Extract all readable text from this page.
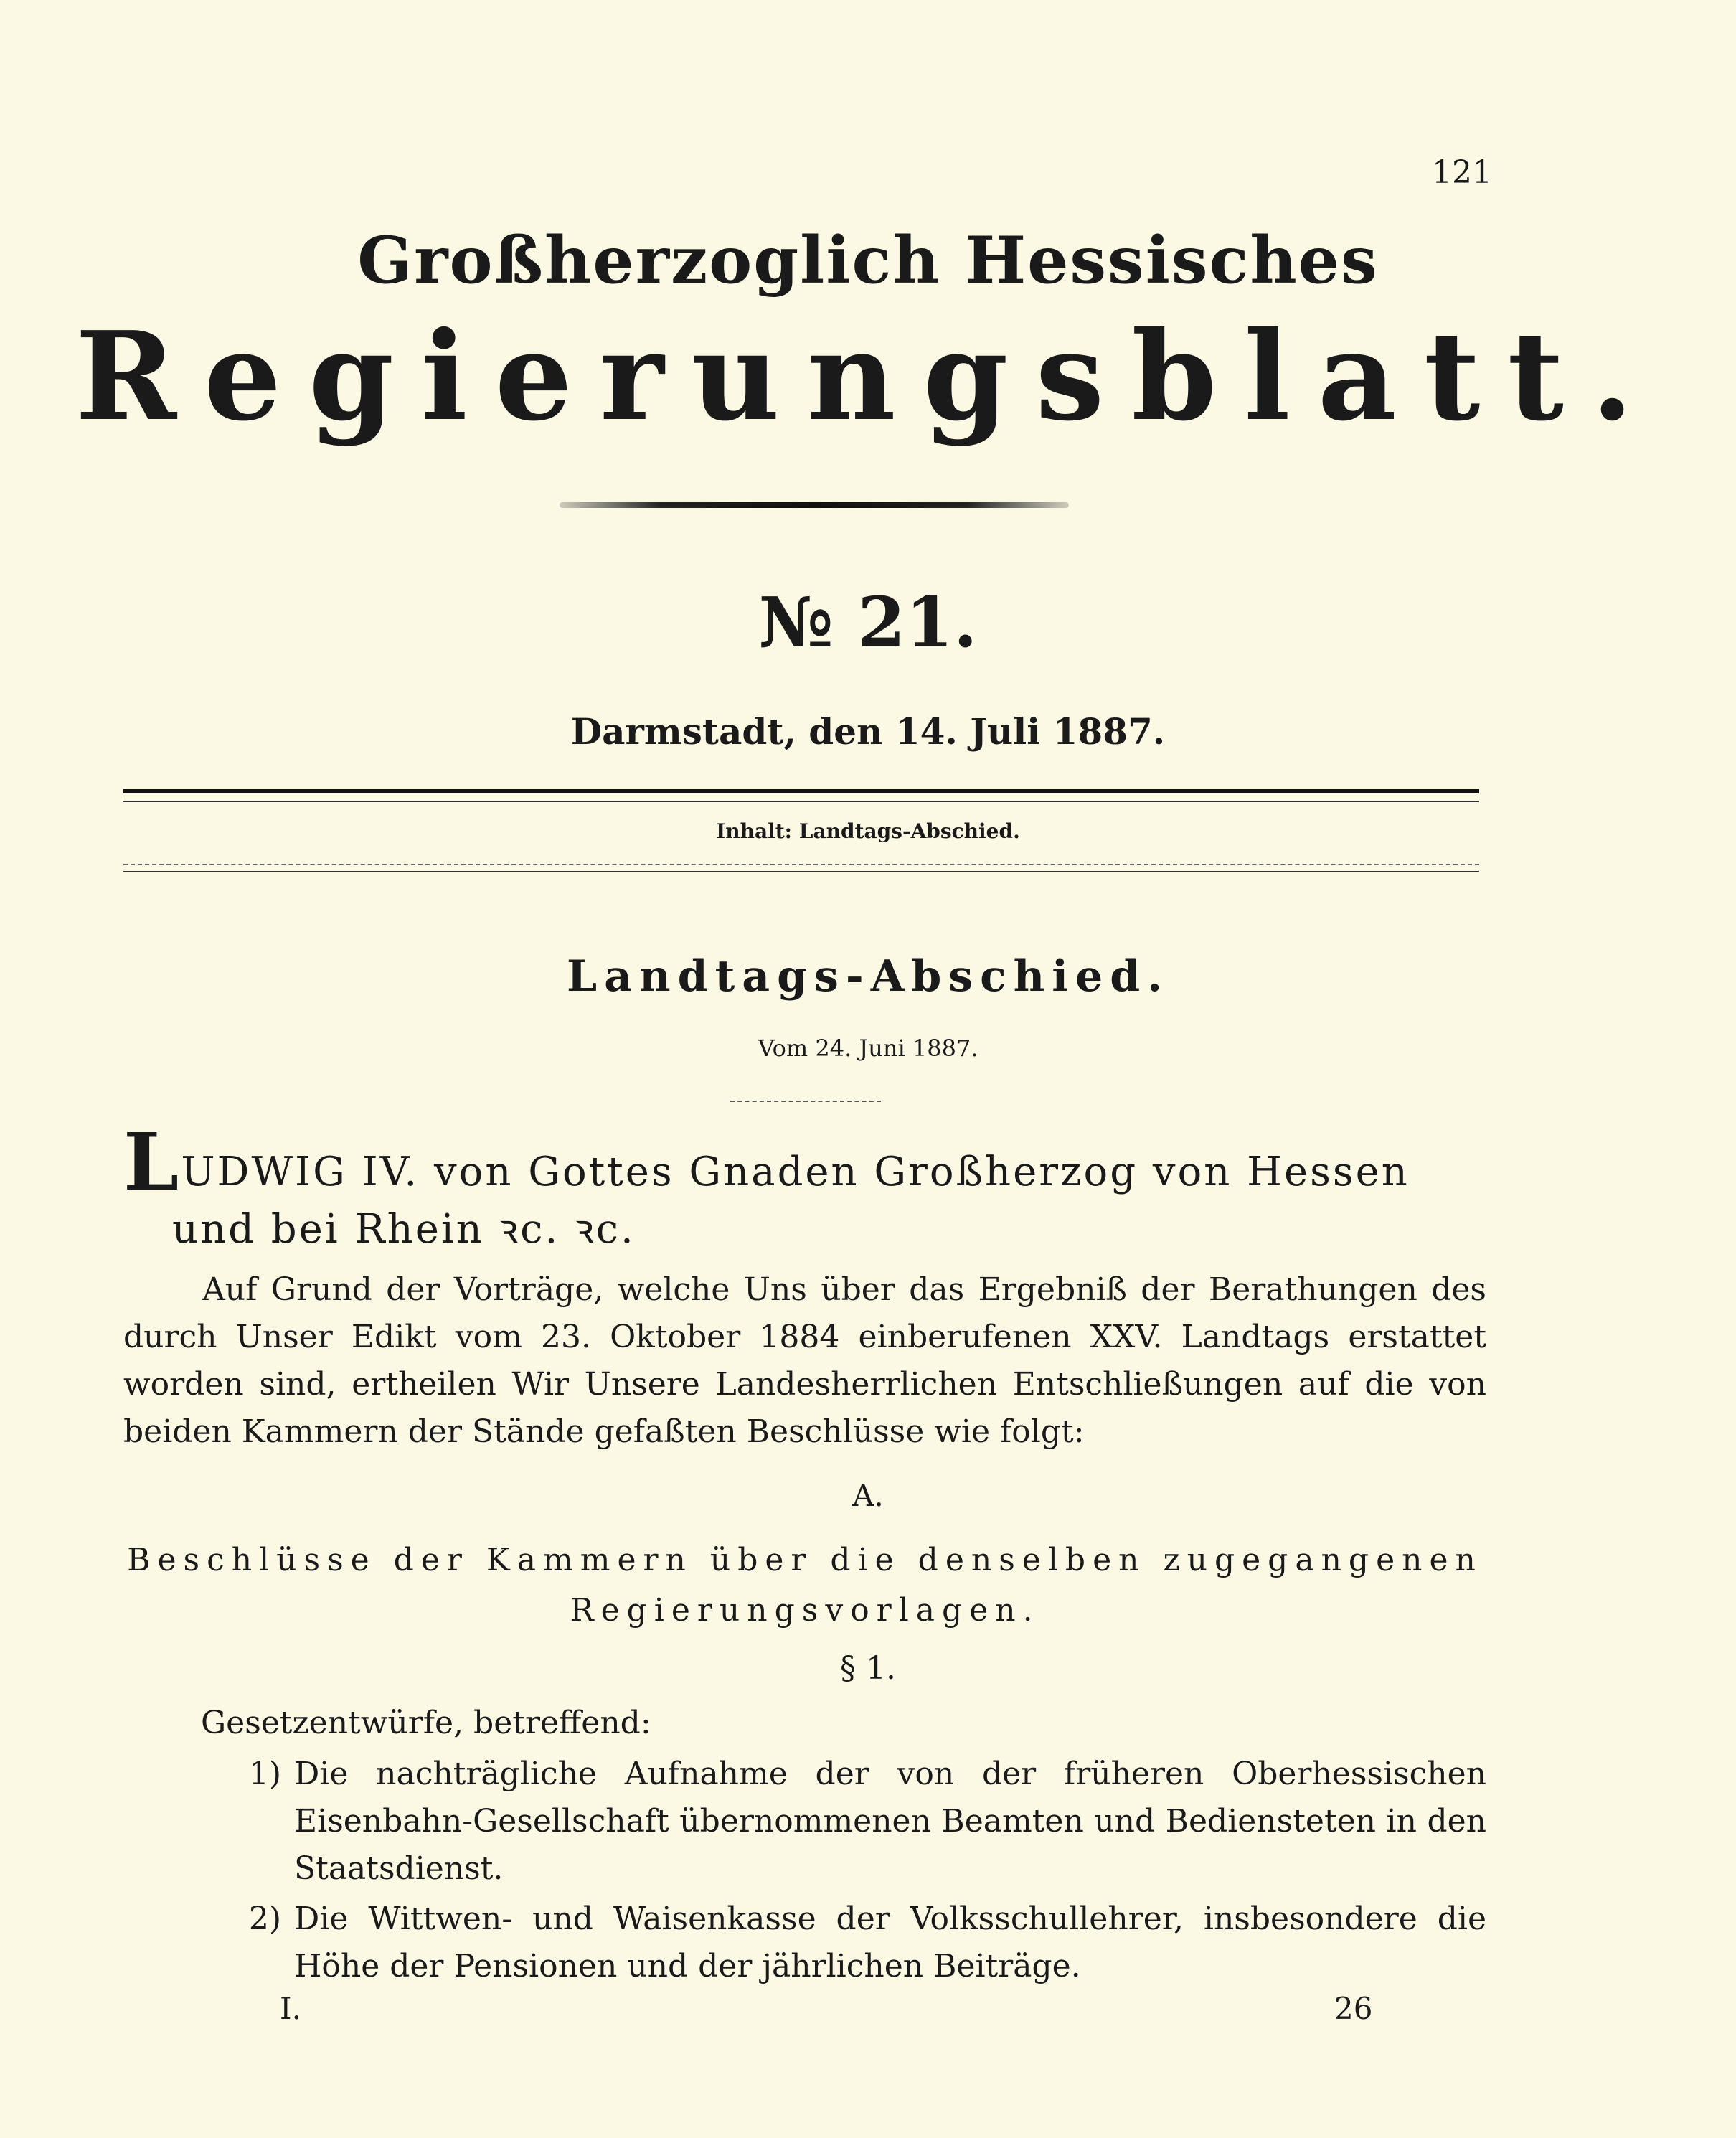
121
Großherzoglich Hessisches
Regierungsblatt.
№ 21.
Darmstadt, den 14. Juli 1887.
Inhalt: Landtags-Abschied.
Landtags-Abschied.
Vom 24. Juni 1887.
LUDWIG IV. von Gottes Gnaden Großherzog von Hessen
und bei Rhein ꝛc. ꝛc.
Auf Grund der Vorträge, welche Uns über das Ergebniß der Berathungen des durch Unser Edikt vom 23. Oktober 1884 einberufenen XXV. Landtags erstattet worden sind, ertheilen Wir Unsere Landesherrlichen Entschließungen auf die von beiden Kammern der Stände gefaßten Beschlüsse wie folgt:
A.
Beschlüsse der Kammern über die denselben zugegangenen Regierungsvorlagen.
§ 1.
Gesetzentwürfe, betreffend:
1) Die nachträgliche Aufnahme der von der früheren Oberhessischen Eisenbahn-Gesellschaft übernommenen Beamten und Bediensteten in den Staatsdienst.
2) Die Wittwen- und Waisenkasse der Volksschullehrer, insbesondere die Höhe der Pensionen und der jährlichen Beiträge.
I.	26
